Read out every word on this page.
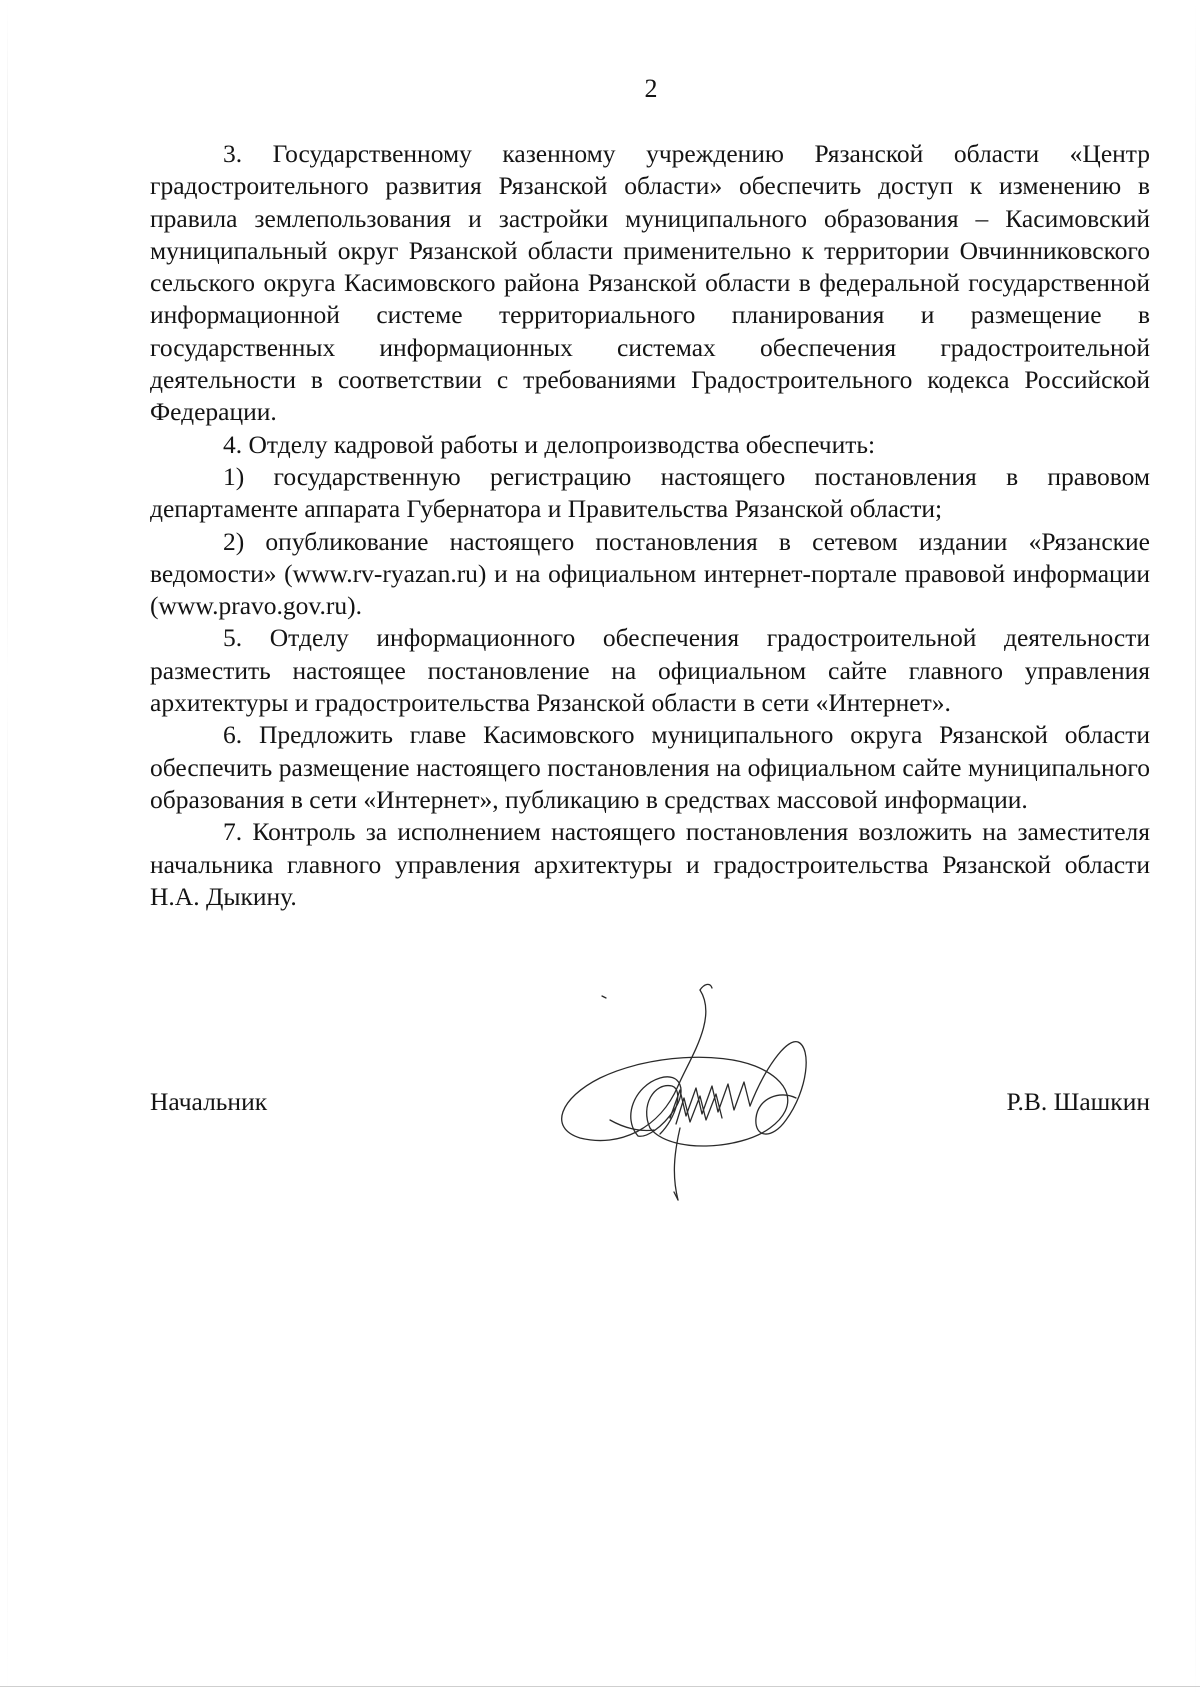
2

3. Государственному казенному учреждению Рязанской области «Центр градостроительного развития Рязанской области» обеспечить доступ к изменению в правила землепользования и застройки муниципального образования – Касимовский муниципальный округ Рязанской области применительно к территории Овчинниковского сельского округа Касимовского района Рязанской области в федеральной государственной информационной системе территориального планирования и размещение в государственных информационных системах обеспечения градостроительной деятельности в соответствии с требованиями Градостроительного кодекса Российской Федерации.

4. Отделу кадровой работы и делопроизводства обеспечить:

1) государственную регистрацию настоящего постановления в правовом департаменте аппарата Губернатора и Правительства Рязанской области;

2) опубликование настоящего постановления в сетевом издании «Рязанские ведомости» (www.rv-ryazan.ru) и на официальном интернет-портале правовой информации (www.pravo.gov.ru).

5. Отделу информационного обеспечения градостроительной деятельности разместить настоящее постановление на официальном сайте главного управления архитектуры и градостроительства Рязанской области в сети «Интернет».

6. Предложить главе Касимовского муниципального округа Рязанской области обеспечить размещение настоящего постановления на официальном сайте муниципального образования в сети «Интернет», публикацию в средствах массовой информации.

7. Контроль за исполнением настоящего постановления возложить на заместителя начальника главного управления архитектуры и градостроительства Рязанской области Н.А. Дыкину.

Начальник	Р.В. Шашкин
